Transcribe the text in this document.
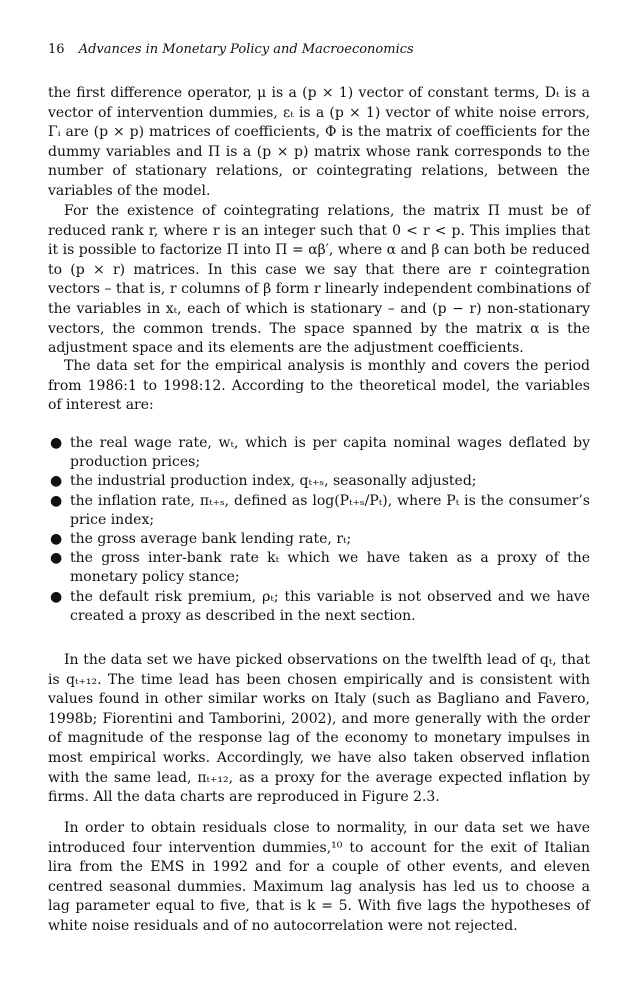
16 Advances in Monetary Policy and Macroeconomics
the first difference operator, μ is a (p × 1) vector of constant terms, Dₜ is a vector of intervention dummies, εₜ is a (p × 1) vector of white noise errors, Γᵢ are (p × p) matrices of coefficients, Φ is the matrix of coefficients for the dummy variables and Π is a (p × p) matrix whose rank corresponds to the number of stationary relations, or cointegrating relations, between the variables of the model.
For the existence of cointegrating relations, the matrix Π must be of reduced rank r, where r is an integer such that 0 < r < p. This implies that it is possible to factorize Π into Π = αβ′, where α and β can both be reduced to (p × r) matrices. In this case we say that there are r cointegration vectors – that is, r columns of β form r linearly independent combinations of the variables in xₜ, each of which is stationary – and (p − r) non-stationary vectors, the common trends. The space spanned by the matrix α is the adjustment space and its elements are the adjustment coefficients.
The data set for the empirical analysis is monthly and covers the period from 1986:1 to 1998:12. According to the theoretical model, the variables of interest are:
● the real wage rate, wₜ, which is per capita nominal wages deflated by production prices;
● the industrial production index, qₜ₊ₛ, seasonally adjusted;
● the inflation rate, πₜ₊ₛ, defined as log(Pₜ₊ₛ/Pₜ), where Pₜ is the consumer’s price index;
● the gross average bank lending rate, rₜ;
● the gross inter-bank rate kₜ which we have taken as a proxy of the monetary policy stance;
● the default risk premium, ρₜ; this variable is not observed and we have created a proxy as described in the next section.
In the data set we have picked observations on the twelfth lead of qₜ, that is qₜ₊₁₂. The time lead has been chosen empirically and is consistent with values found in other similar works on Italy (such as Bagliano and Favero, 1998b; Fiorentini and Tamborini, 2002), and more generally with the order of magnitude of the response lag of the economy to monetary impulses in most empirical works. Accordingly, we have also taken observed inflation with the same lead, πₜ₊₁₂, as a proxy for the average expected inflation by firms. All the data charts are reproduced in Figure 2.3.
In order to obtain residuals close to normality, in our data set we have introduced four intervention dummies,¹⁰ to account for the exit of Italian lira from the EMS in 1992 and for a couple of other events, and eleven centred seasonal dummies. Maximum lag analysis has led us to choose a lag parameter equal to five, that is k = 5. With five lags the hypotheses of white noise residuals and of no autocorrelation were not rejected.
